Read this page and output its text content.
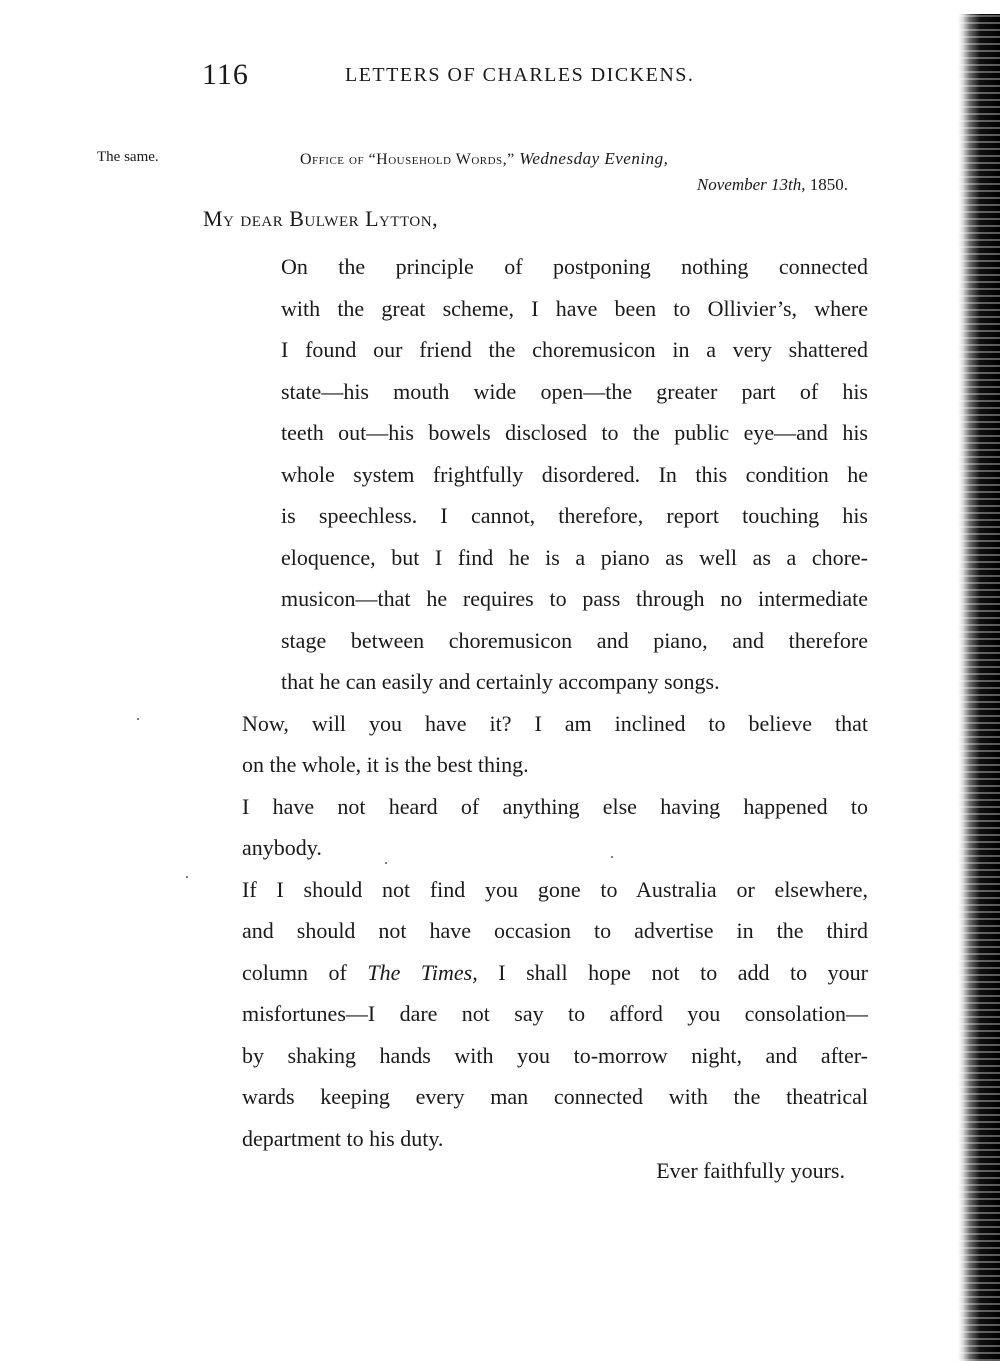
116	LETTERS OF CHARLES DICKENS.
The same.	Office of “Household Words,” Wednesday Evening,
November 13th, 1850.
My dear Bulwer Lytton,

On the principle of postponing nothing connected
with the great scheme, I have been to Ollivier’s, where
I found our friend the choremusicon in a very shattered
state—his mouth wide open—the greater part of his
teeth out—his bowels disclosed to the public eye—and his
whole system frightfully disordered. In this condition he
is speechless. I cannot, therefore, report touching his
eloquence, but I find he is a piano as well as a chore-
musicon—that he requires to pass through no intermediate
stage between choremusicon and piano, and therefore
that he can easily and certainly accompany songs.

Now, will you have it? I am inclined to believe that
on the whole, it is the best thing.

I have not heard of anything else having happened to
anybody.

If I should not find you gone to Australia or elsewhere,
and should not have occasion to advertise in the third
column of The Times, I shall hope not to add to your
misfortunes—I dare not say to afford you consolation—
by shaking hands with you to-morrow night, and after-
wards keeping every man connected with the theatrical
department to his duty.

Ever faithfully yours.
